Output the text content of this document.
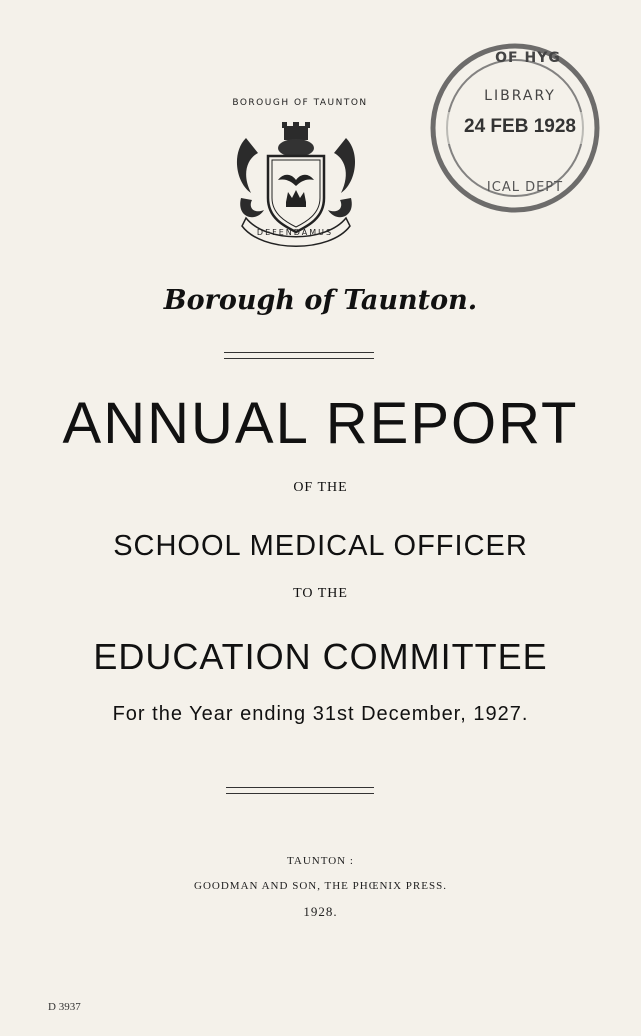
BOROUGH OF TAUNTON
DEFENDAMUS
OF HYG
LIBRARY
24 FEB 1928
ICAL DEPT
Borough of Taunton.
ANNUAL REPORT
OF THE
SCHOOL MEDICAL OFFICER
TO THE
EDUCATION COMMITTEE
For the Year ending 31st December, 1927.
TAUNTON :
GOODMAN AND SON, THE PHŒNIX PRESS.
1928.
D 3937
